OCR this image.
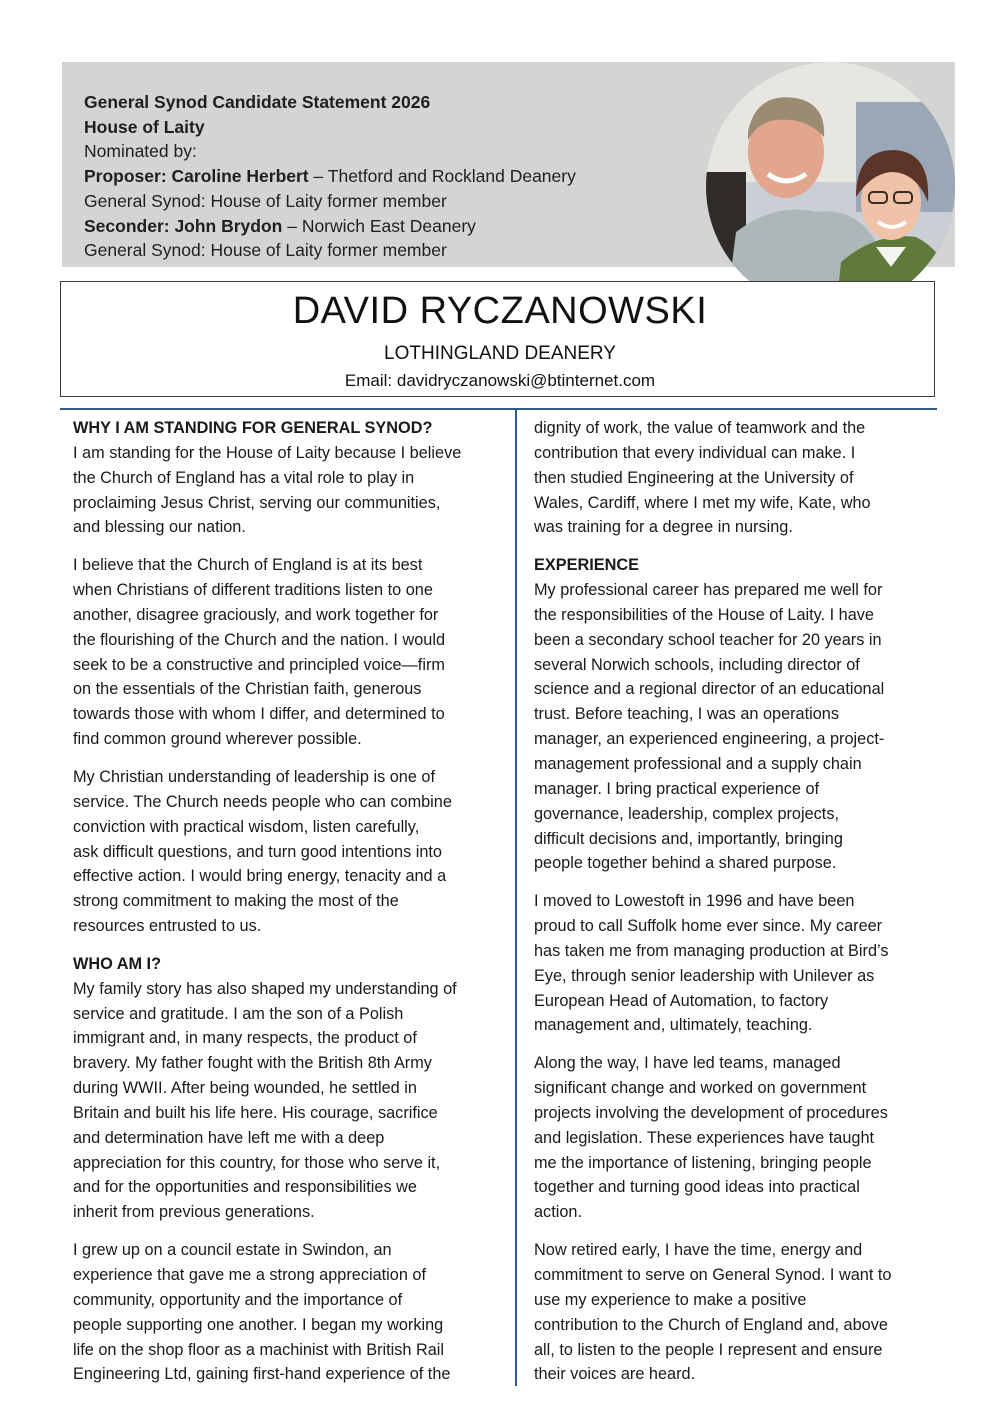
General Synod Candidate Statement 2026
House of Laity
Nominated by:
Proposer: Caroline Herbert – Thetford and Rockland Deanery
General Synod: House of Laity former member
Seconder: John Brydon – Norwich East Deanery
General Synod: House of Laity former member
DAVID RYCZANOWSKI
LOTHINGLAND DEANERY
Email: davidryczanowski@btinternet.com
WHY I AM STANDING FOR GENERAL SYNOD?
I am standing for the House of Laity because I believe
the Church of England has a vital role to play in
proclaiming Jesus Christ, serving our communities,
and blessing our nation.
I believe that the Church of England is at its best
when Christians of different traditions listen to one
another, disagree graciously, and work together for
the flourishing of the Church and the nation. I would
seek to be a constructive and principled voice—firm
on the essentials of the Christian faith, generous
towards those with whom I differ, and determined to
find common ground wherever possible.
My Christian understanding of leadership is one of
service. The Church needs people who can combine
conviction with practical wisdom, listen carefully,
ask difficult questions, and turn good intentions into
effective action. I would bring energy, tenacity and a
strong commitment to making the most of the
resources entrusted to us.
WHO AM I?
My family story has also shaped my understanding of
service and gratitude. I am the son of a Polish
immigrant and, in many respects, the product of
bravery. My father fought with the British 8th Army
during WWII. After being wounded, he settled in
Britain and built his life here. His courage, sacrifice
and determination have left me with a deep
appreciation for this country, for those who serve it,
and for the opportunities and responsibilities we
inherit from previous generations.
I grew up on a council estate in Swindon, an
experience that gave me a strong appreciation of
community, opportunity and the importance of
people supporting one another. I began my working
life on the shop floor as a machinist with British Rail
Engineering Ltd, gaining first-hand experience of the
dignity of work, the value of teamwork and the
contribution that every individual can make. I
then studied Engineering at the University of
Wales, Cardiff, where I met my wife, Kate, who
was training for a degree in nursing.
EXPERIENCE
My professional career has prepared me well for
the responsibilities of the House of Laity. I have
been a secondary school teacher for 20 years in
several Norwich schools, including director of
science and a regional director of an educational
trust. Before teaching, I was an operations
manager, an experienced engineering, a project-
management professional and a supply chain
manager. I bring practical experience of
governance, leadership, complex projects,
difficult decisions and, importantly, bringing
people together behind a shared purpose.
I moved to Lowestoft in 1996 and have been
proud to call Suffolk home ever since. My career
has taken me from managing production at Bird’s
Eye, through senior leadership with Unilever as
European Head of Automation, to factory
management and, ultimately, teaching.
Along the way, I have led teams, managed
significant change and worked on government
projects involving the development of procedures
and legislation. These experiences have taught
me the importance of listening, bringing people
together and turning good ideas into practical
action.
Now retired early, I have the time, energy and
commitment to serve on General Synod. I want to
use my experience to make a positive
contribution to the Church of England and, above
all, to listen to the people I represent and ensure
their voices are heard.
